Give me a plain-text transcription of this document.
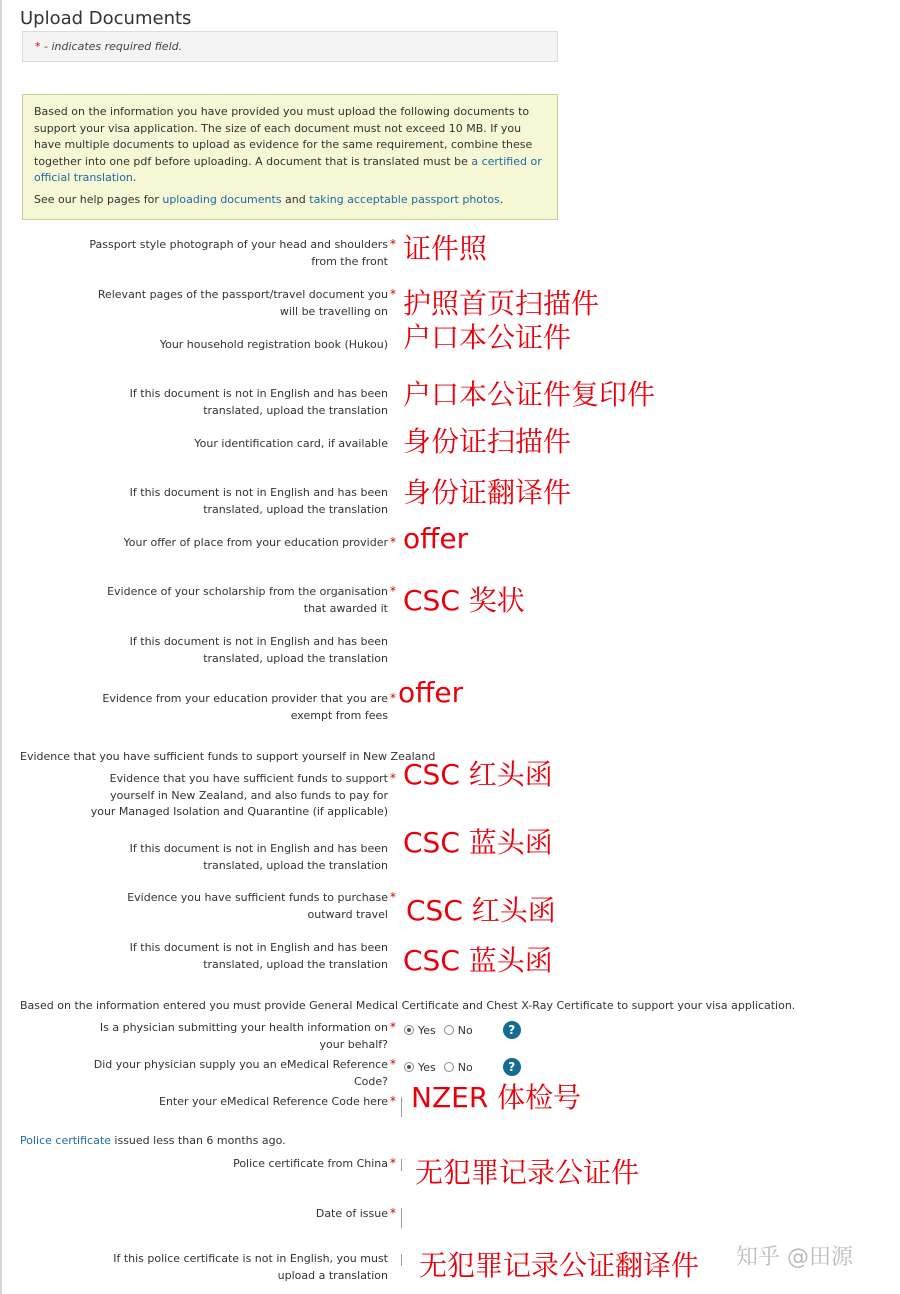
Upload Documents
* - indicates required field.

Based on the information you have provided you must upload the following documents to support your visa application. The size of each document must not exceed 10 MB. If you have multiple documents to upload as evidence for the same requirement, combine these together into one pdf before uploading. A document that is translated must be a certified or official translation.

See our help pages for uploading documents and taking acceptable passport photos.

Passport style photograph of your head and shoulders from the front
* 证件照
Relevant pages of the passport/travel document you will be travelling on
* 护照首页扫描件
Your household registration book (Hukou) 户口本公证件
If this document is not in English and has been translated, upload the translation 户口本公证件复印件
Your identification card, if available 身份证扫描件
If this document is not in English and has been translated, upload the translation 身份证翻译件
Your offer of place from your education provider * offer
Evidence of your scholarship from the organisation that awarded it
* CSC 奖状
If this document is not in English and has been translated, upload the translation
Evidence from your education provider that you are exempt from fees
* offer
Evidence that you have sufficient funds to support yourself in New Zealand
Evidence that you have sufficient funds to support yourself in New Zealand, and also funds to pay for your Managed Isolation and Quarantine (if applicable)
* CSC 红头函
If this document is not in English and has been translated, upload the translation
CSC 蓝头函
Evidence you have sufficient funds to purchase outward travel
* CSC 红头函
If this document is not in English and has been translated, upload the translation CSC 蓝头函
Based on the information entered you must provide General Medical Certificate and Chest X-Ray Certificate to support your visa application.
Is a physician submitting your health information on your behalf?
* Yes No	?
Did your physician supply you an eMedical Reference Code?
* Yes No	?
Enter your eMedical Reference Code here * NZER 体检号
Police certificate issued less than 6 months ago.
Police certificate from China * 无犯罪记录公证件
Date of issue *
If this police certificate is not in English, you must upload a translation 无犯罪记录公证翻译件 知乎 @田源
